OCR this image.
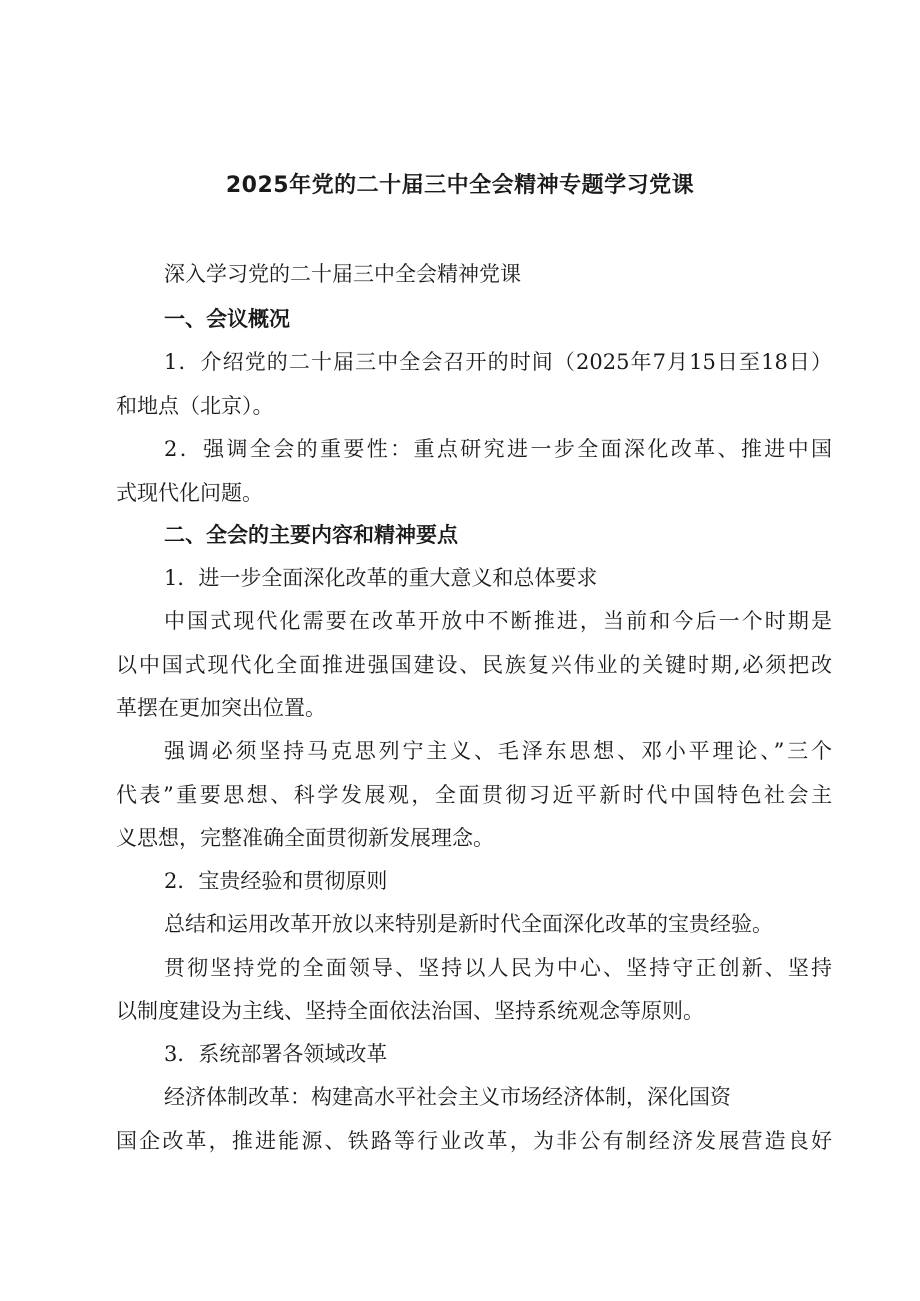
2025年党的二十届三中全会精神专题学习党课
深入学习党的二十届三中全会精神党课
一、会议概况
1．介绍党的二十届三中全会召开的时间（2025年7月15日至18日）
和地点（北京）。
2．强调全会的重要性：重点研究进一步全面深化改革、推进中国
式现代化问题。
二、全会的主要内容和精神要点
1．进一步全面深化改革的重大意义和总体要求
中国式现代化需要在改革开放中不断推进，当前和今后一个时期是
以中国式现代化全面推进强国建设、民族复兴伟业的关键时期,必须把改
革摆在更加突出位置。
强调必须坚持马克思列宁主义、毛泽东思想、邓小平理论、”三个
代表”重要思想、科学发展观，全面贯彻习近平新时代中国特色社会主
义思想，完整准确全面贯彻新发展理念。
2．宝贵经验和贯彻原则
总结和运用改革开放以来特别是新时代全面深化改革的宝贵经验。
贯彻坚持党的全面领导、坚持以人民为中心、坚持守正创新、坚持
以制度建设为主线、坚持全面依法治国、坚持系统观念等原则。
3．系统部署各领域改革
经济体制改革：构建高水平社会主义市场经济体制，深化国资
国企改革，推进能源、铁路等行业改革，为非公有制经济发展营造良好
